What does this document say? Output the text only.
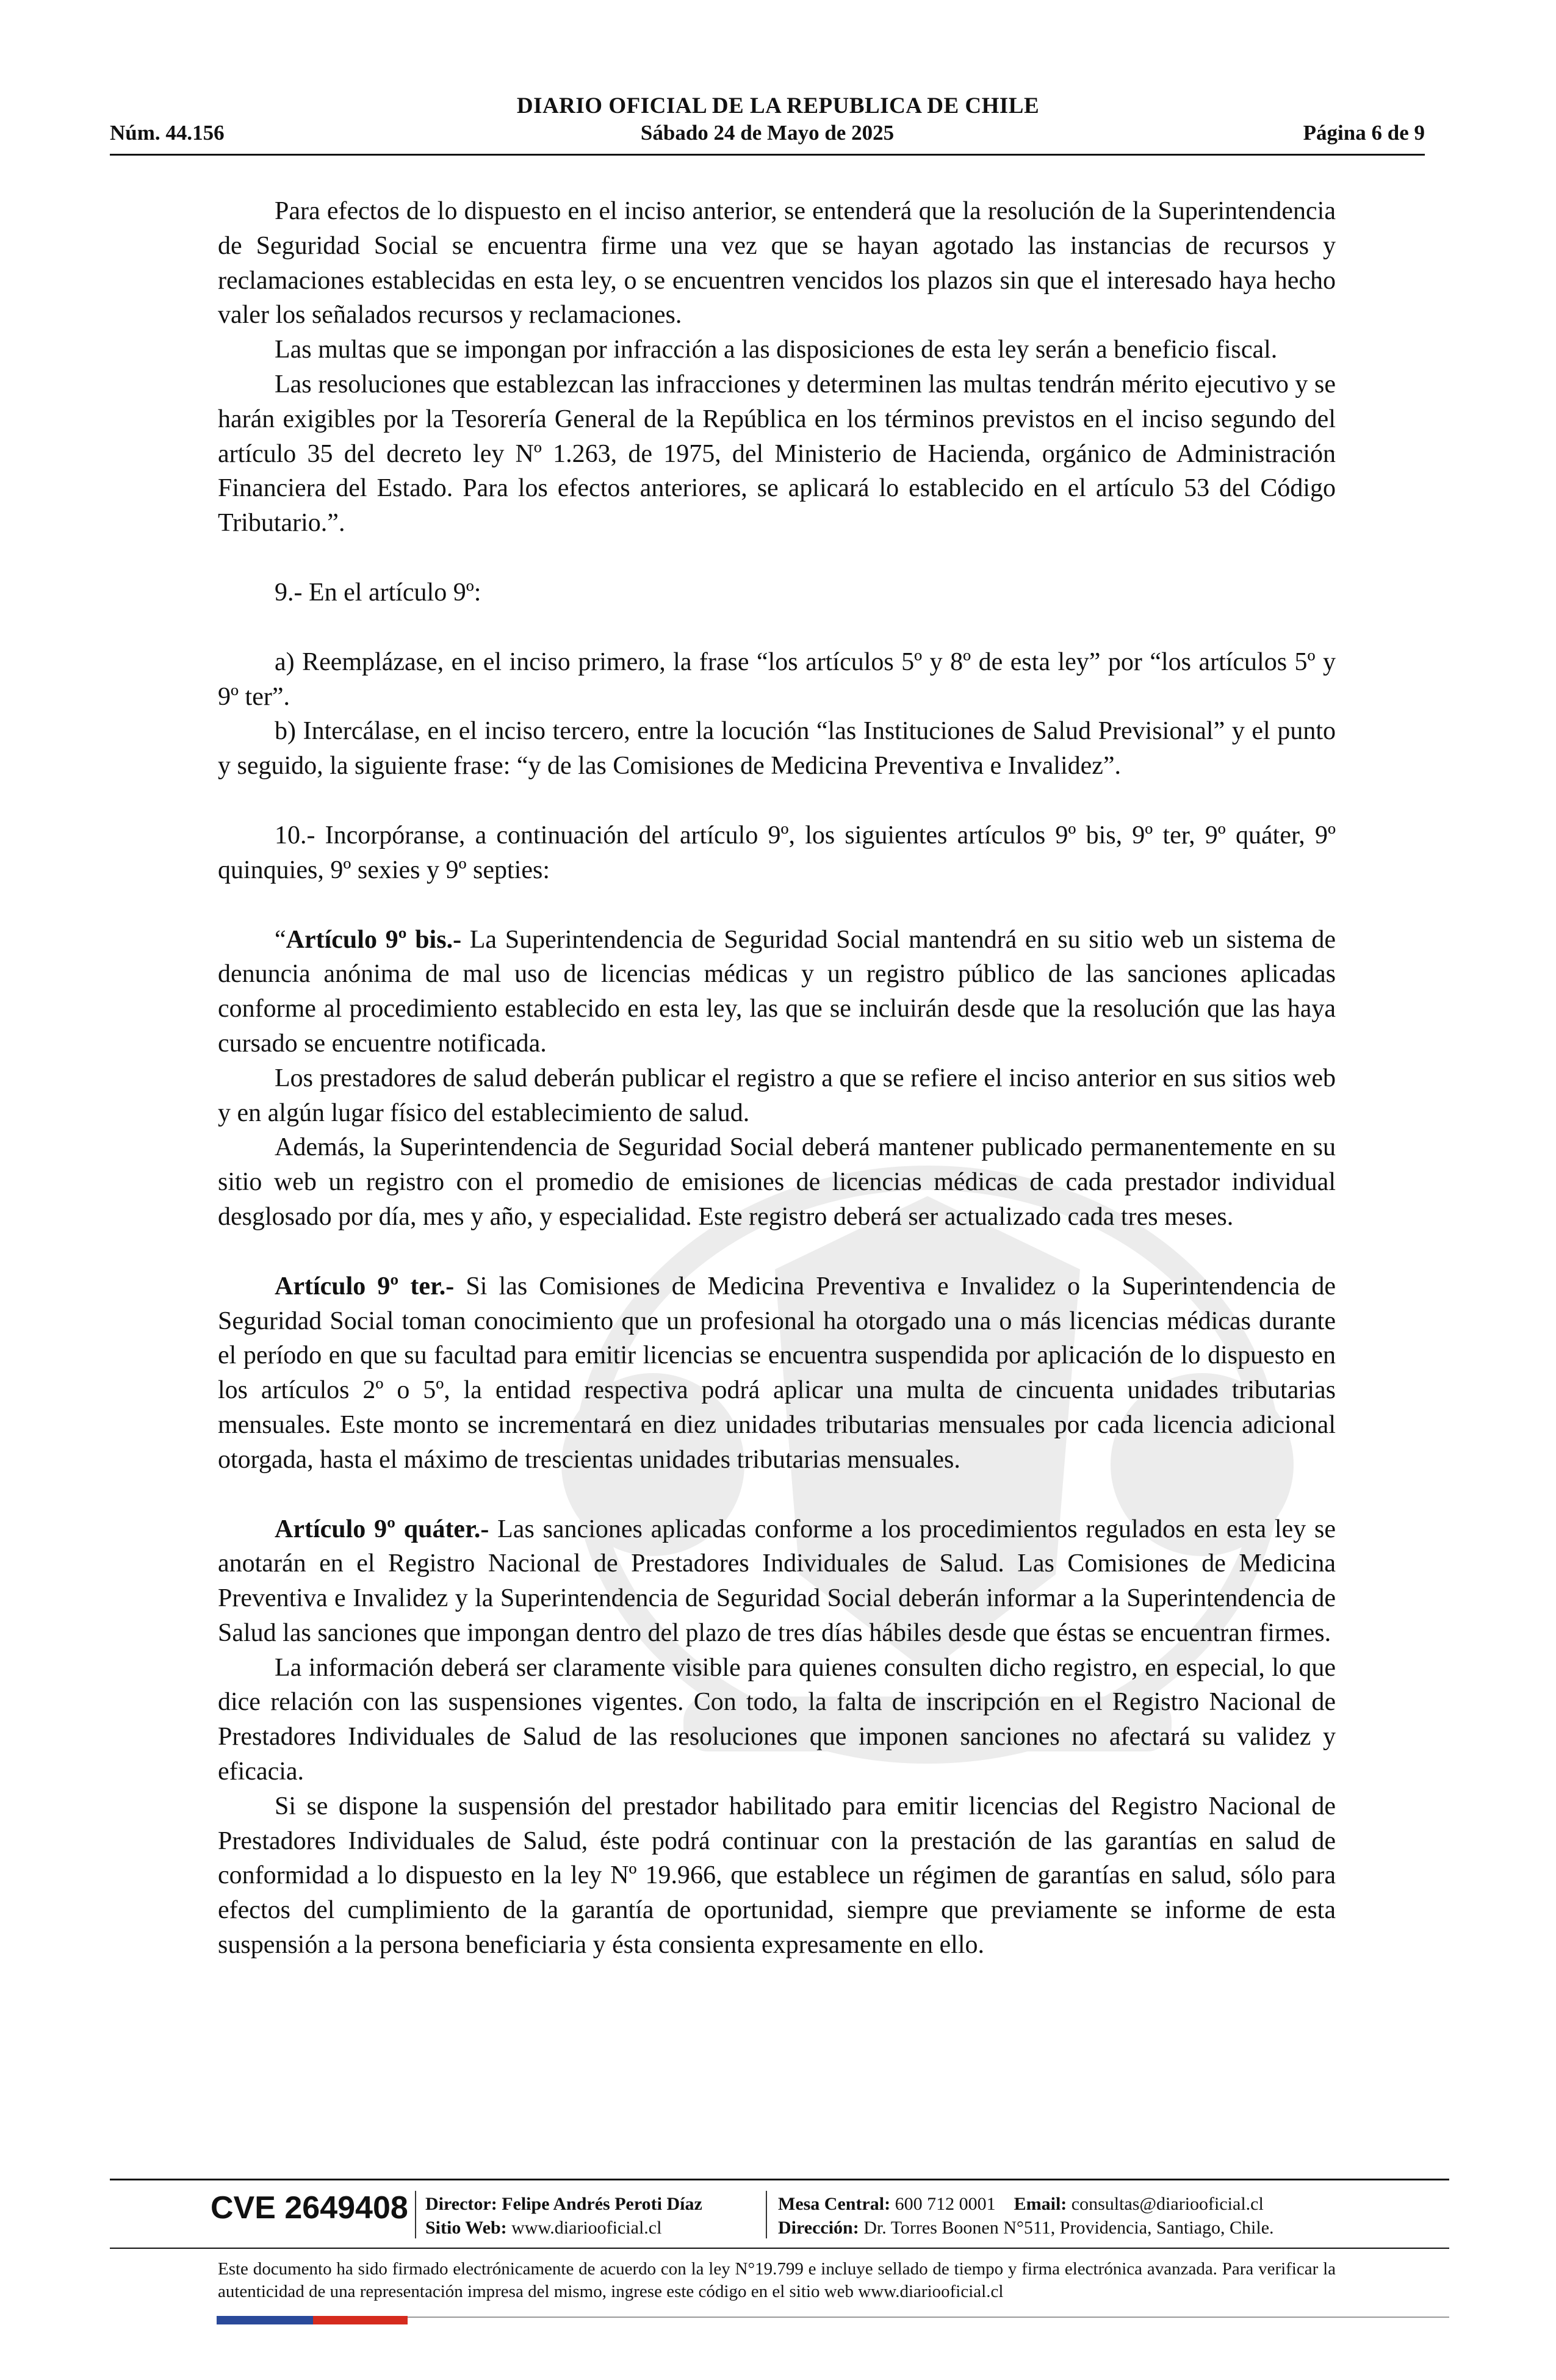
DIARIO OFICIAL DE LA REPUBLICA DE CHILE
Núm. 44.156	Sábado 24 de Mayo de 2025	Página 6 de 9

Para efectos de lo dispuesto en el inciso anterior, se entenderá que la resolución de la Superintendencia de Seguridad Social se encuentra firme una vez que se hayan agotado las instancias de recursos y reclamaciones establecidas en esta ley, o se encuentren vencidos los plazos sin que el interesado haya hecho valer los señalados recursos y reclamaciones.

Las multas que se impongan por infracción a las disposiciones de esta ley serán a beneficio fiscal.

Las resoluciones que establezcan las infracciones y determinen las multas tendrán mérito ejecutivo y se harán exigibles por la Tesorería General de la República en los términos previstos en el inciso segundo del artículo 35 del decreto ley Nº 1.263, de 1975, del Ministerio de Hacienda, orgánico de Administración Financiera del Estado. Para los efectos anteriores, se aplicará lo establecido en el artículo 53 del Código Tributario.”.

9.- En el artículo 9º:

a) Reemplázase, en el inciso primero, la frase “los artículos 5º y 8º de esta ley” por “los artículos 5º y 9º ter”.

b) Intercálase, en el inciso tercero, entre la locución “las Instituciones de Salud Previsional” y el punto y seguido, la siguiente frase: “y de las Comisiones de Medicina Preventiva e Invalidez”.

10.- Incorpóranse, a continuación del artículo 9º, los siguientes artículos 9º bis, 9º ter, 9º quáter, 9º quinquies, 9º sexies y 9º septies:

“Artículo 9º bis.- La Superintendencia de Seguridad Social mantendrá en su sitio web un sistema de denuncia anónima de mal uso de licencias médicas y un registro público de las sanciones aplicadas conforme al procedimiento establecido en esta ley, las que se incluirán desde que la resolución que las haya cursado se encuentre notificada.

Los prestadores de salud deberán publicar el registro a que se refiere el inciso anterior en sus sitios web y en algún lugar físico del establecimiento de salud.

Además, la Superintendencia de Seguridad Social deberá mantener publicado permanentemente en su sitio web un registro con el promedio de emisiones de licencias médicas de cada prestador individual desglosado por día, mes y año, y especialidad. Este registro deberá ser actualizado cada tres meses.

Artículo 9º ter.- Si las Comisiones de Medicina Preventiva e Invalidez o la Superintendencia de Seguridad Social toman conocimiento que un profesional ha otorgado una o más licencias médicas durante el período en que su facultad para emitir licencias se encuentra suspendida por aplicación de lo dispuesto en los artículos 2º o 5º, la entidad respectiva podrá aplicar una multa de cincuenta unidades tributarias mensuales. Este monto se incrementará en diez unidades tributarias mensuales por cada licencia adicional otorgada, hasta el máximo de trescientas unidades tributarias mensuales.

Artículo 9º quáter.- Las sanciones aplicadas conforme a los procedimientos regulados en esta ley se anotarán en el Registro Nacional de Prestadores Individuales de Salud. Las Comisiones de Medicina Preventiva e Invalidez y la Superintendencia de Seguridad Social deberán informar a la Superintendencia de Salud las sanciones que impongan dentro del plazo de tres días hábiles desde que éstas se encuentran firmes.

La información deberá ser claramente visible para quienes consulten dicho registro, en especial, lo que dice relación con las suspensiones vigentes. Con todo, la falta de inscripción en el Registro Nacional de Prestadores Individuales de Salud de las resoluciones que imponen sanciones no afectará su validez y eficacia.

Si se dispone la suspensión del prestador habilitado para emitir licencias del Registro Nacional de Prestadores Individuales de Salud, éste podrá continuar con la prestación de las garantías en salud de conformidad a lo dispuesto en la ley Nº 19.966, que establece un régimen de garantías en salud, sólo para efectos del cumplimiento de la garantía de oportunidad, siempre que previamente se informe de esta suspensión a la persona beneficiaria y ésta consienta expresamente en ello.

CVE 2649408 Director: Felipe Andrés Peroti Díaz
Sitio Web: www.diariooficial.cl
Mesa Central: 600 712 0001 Email: consultas@diariooficial.cl
Dirección: Dr. Torres Boonen N°511, Providencia, Santiago, Chile.
Este documento ha sido firmado electrónicamente de acuerdo con la ley N°19.799 e incluye sellado de tiempo y firma electrónica avanzada. Para verificar la autenticidad de una representación impresa del mismo, ingrese este código en el sitio web www.diariooficial.cl
